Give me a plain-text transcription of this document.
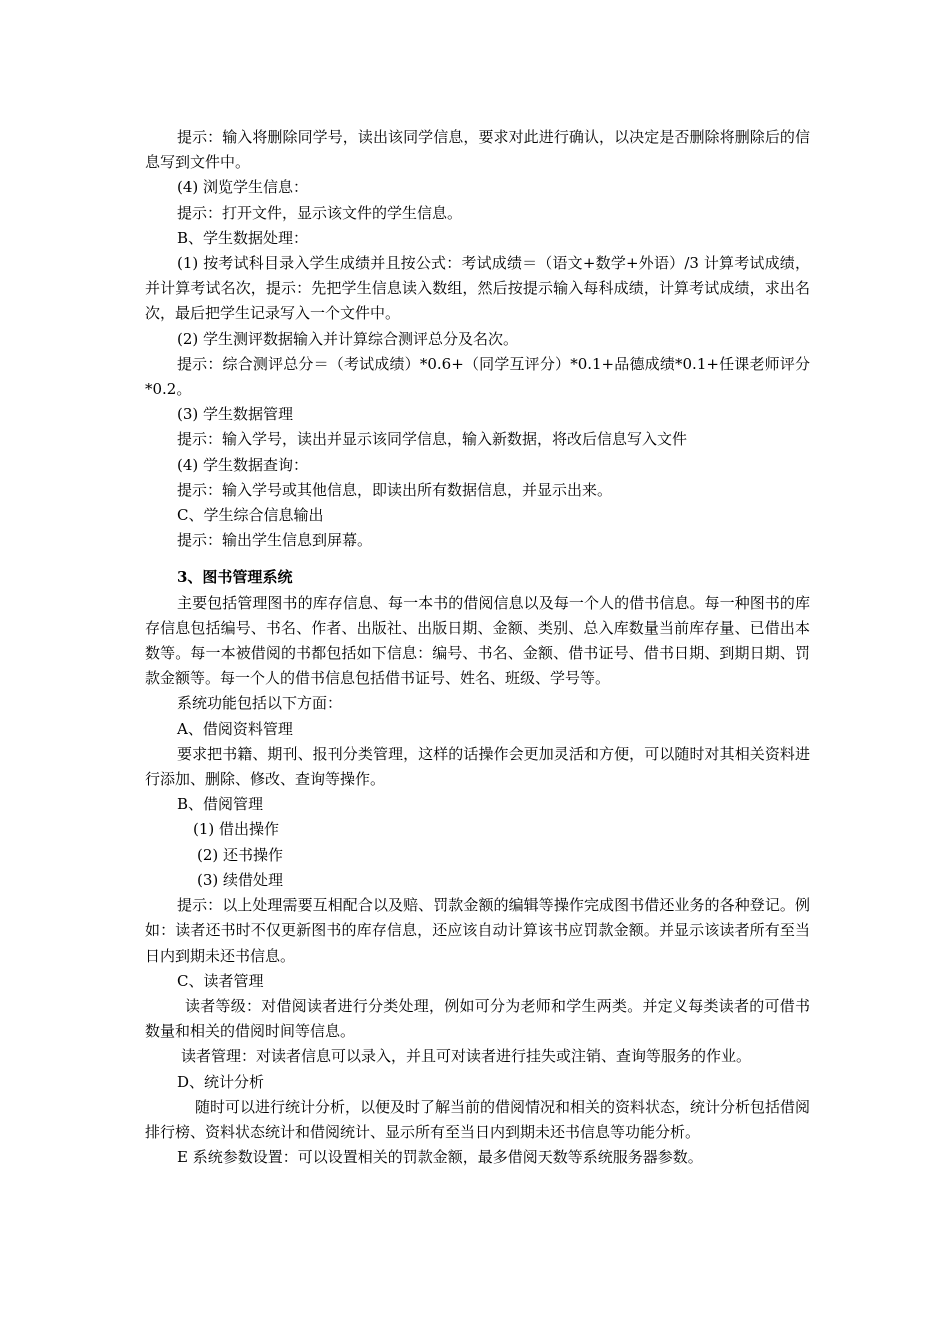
提示：输入将删除同学号，读出该同学信息，要求对此进行确认，以决定是否删除将删除后的信息写到文件中。

(4) 浏览学生信息：

提示：打开文件，显示该文件的学生信息。

B、学生数据处理：

(1) 按考试科目录入学生成绩并且按公式：考试成绩＝（语文+数学+外语）/3 计算考试成绩，并计算考试名次，提示：先把学生信息读入数组，然后按提示输入每科成绩，计算考试成绩，求出名次，最后把学生记录写入一个文件中。

(2) 学生测评数据输入并计算综合测评总分及名次。

提示：综合测评总分＝（考试成绩）*0.6+（同学互评分）*0.1+品德成绩*0.1+任课老师评分*0.2。

(3) 学生数据管理

提示：输入学号，读出并显示该同学信息，输入新数据，将改后信息写入文件

(4) 学生数据查询：

提示：输入学号或其他信息，即读出所有数据信息，并显示出来。

C、学生综合信息输出

提示：输出学生信息到屏幕。

3、图书管理系统

主要包括管理图书的库存信息、每一本书的借阅信息以及每一个人的借书信息。每一种图书的库存信息包括编号、书名、作者、出版社、出版日期、金额、类别、总入库数量当前库存量、已借出本数等。每一本被借阅的书都包括如下信息：编号、书名、金额、借书证号、借书日期、到期日期、罚款金额等。每一个人的借书信息包括借书证号、姓名、班级、学号等。

系统功能包括以下方面：

A、借阅资料管理

要求把书籍、期刊、报刊分类管理，这样的话操作会更加灵活和方便，可以随时对其相关资料进行添加、删除、修改、查询等操作。

B、借阅管理

(1) 借出操作

(2) 还书操作

(3) 续借处理

提示：以上处理需要互相配合以及赔、罚款金额的编辑等操作完成图书借还业务的各种登记。例如：读者还书时不仅更新图书的库存信息，还应该自动计算该书应罚款金额。并显示该读者所有至当日内到期未还书信息。

C、读者管理

读者等级：对借阅读者进行分类处理，例如可分为老师和学生两类。并定义每类读者的可借书数量和相关的借阅时间等信息。

读者管理：对读者信息可以录入，并且可对读者进行挂失或注销、查询等服务的作业。

D、统计分析

随时可以进行统计分析，以便及时了解当前的借阅情况和相关的资料状态，统计分析包括借阅排行榜、资料状态统计和借阅统计、显示所有至当日内到期未还书信息等功能分析。

E 系统参数设置：可以设置相关的罚款金额，最多借阅天数等系统服务器参数。
